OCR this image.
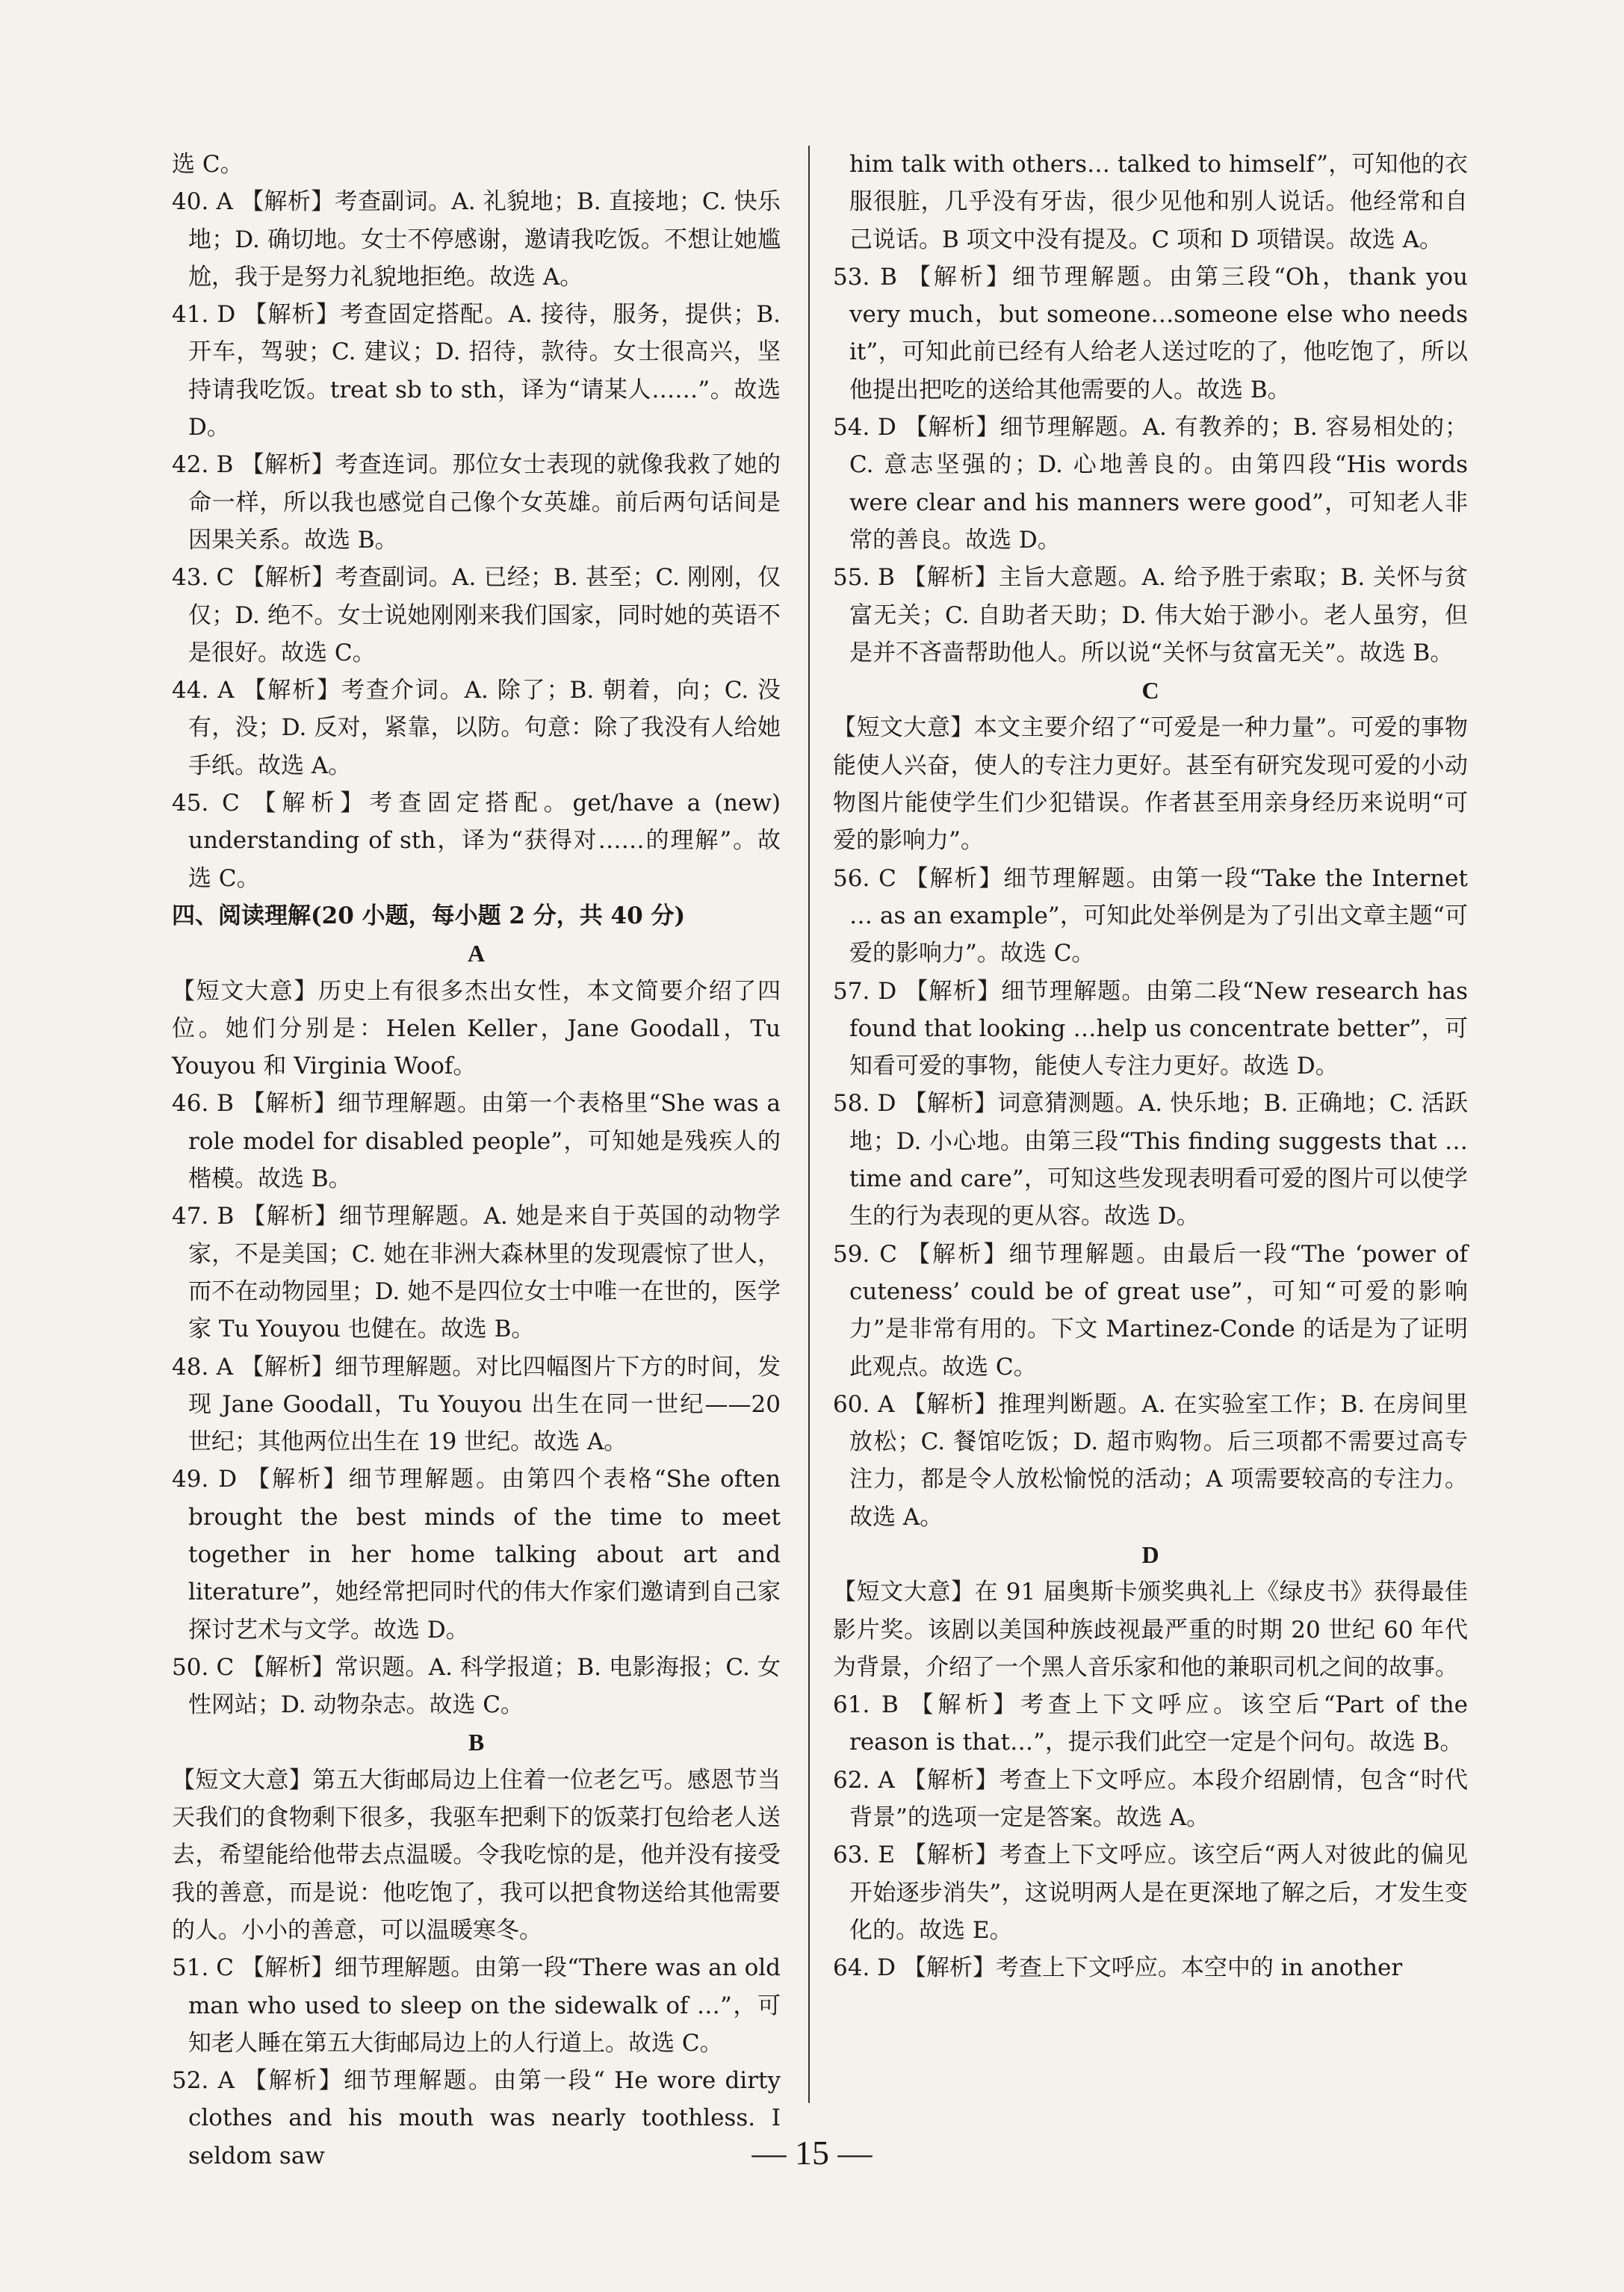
选 C。
40. A 【解析】考查副词。A. 礼貌地；B. 直接地；C. 快乐地；D. 确切地。女士不停感谢，邀请我吃饭。不想让她尴尬，我于是努力礼貌地拒绝。故选 A。
41. D 【解析】考查固定搭配。A. 接待，服务，提供；B. 开车，驾驶；C. 建议；D. 招待，款待。女士很高兴，坚持请我吃饭。treat sb to sth，译为“请某人……”。故选 D。
42. B 【解析】考查连词。那位女士表现的就像我救了她的命一样，所以我也感觉自己像个女英雄。前后两句话间是因果关系。故选 B。
43. C 【解析】考查副词。A. 已经；B. 甚至；C. 刚刚，仅仅；D. 绝不。女士说她刚刚来我们国家，同时她的英语不是很好。故选 C。
44. A 【解析】考查介词。A. 除了；B. 朝着，向；C. 没有，没；D. 反对，紧靠，以防。句意：除了我没有人给她手纸。故选 A。
45. C 【解析】考查固定搭配。get/have a (new) understanding of sth，译为“获得对……的理解”。故选 C。
四、阅读理解(20 小题，每小题 2 分，共 40 分)
A
【短文大意】历史上有很多杰出女性，本文简要介绍了四位。她们分别是：Helen Keller，Jane Goodall，Tu Youyou 和 Virginia Woof。
46. B 【解析】细节理解题。由第一个表格里“She was a role model for disabled people”，可知她是残疾人的楷模。故选 B。
47. B 【解析】细节理解题。A. 她是来自于英国的动物学家，不是美国；C. 她在非洲大森林里的发现震惊了世人，而不在动物园里；D. 她不是四位女士中唯一在世的，医学家 Tu Youyou 也健在。故选 B。
48. A 【解析】细节理解题。对比四幅图片下方的时间，发现 Jane Goodall，Tu Youyou 出生在同一世纪——20 世纪；其他两位出生在 19 世纪。故选 A。
49. D 【解析】细节理解题。由第四个表格“She often brought the best minds of the time to meet together in her home talking about art and literature”，她经常把同时代的伟大作家们邀请到自己家探讨艺术与文学。故选 D。
50. C 【解析】常识题。A. 科学报道；B. 电影海报；C. 女性网站；D. 动物杂志。故选 C。
B
【短文大意】第五大街邮局边上住着一位老乞丐。感恩节当天我们的食物剩下很多，我驱车把剩下的饭菜打包给老人送去，希望能给他带去点温暖。令我吃惊的是，他并没有接受我的善意，而是说：他吃饱了，我可以把食物送给其他需要的人。小小的善意，可以温暖寒冬。
51. C 【解析】细节理解题。由第一段“There was an old man who used to sleep on the sidewalk of …”，可知老人睡在第五大街邮局边上的人行道上。故选 C。
52. A 【解析】细节理解题。由第一段“ He wore dirty clothes and his mouth was nearly toothless. I seldom saw
him talk with others… talked to himself”，可知他的衣服很脏，几乎没有牙齿，很少见他和别人说话。他经常和自己说话。B 项文中没有提及。C 项和 D 项错误。故选 A。
53. B 【解析】细节理解题。由第三段“Oh，thank you very much，but someone…someone else who needs it”，可知此前已经有人给老人送过吃的了，他吃饱了，所以他提出把吃的送给其他需要的人。故选 B。
54. D 【解析】细节理解题。A. 有教养的；B. 容易相处的；C. 意志坚强的；D. 心地善良的。由第四段“His words were clear and his manners were good”，可知老人非常的善良。故选 D。
55. B 【解析】主旨大意题。A. 给予胜于索取；B. 关怀与贫富无关；C. 自助者天助；D. 伟大始于渺小。老人虽穷，但是并不吝啬帮助他人。所以说“关怀与贫富无关”。故选 B。
C
【短文大意】本文主要介绍了“可爱是一种力量”。可爱的事物能使人兴奋，使人的专注力更好。甚至有研究发现可爱的小动物图片能使学生们少犯错误。作者甚至用亲身经历来说明“可爱的影响力”。
56. C 【解析】细节理解题。由第一段“Take the Internet … as an example”，可知此处举例是为了引出文章主题“可爱的影响力”。故选 C。
57. D 【解析】细节理解题。由第二段“New research has found that looking …help us concentrate better”，可知看可爱的事物，能使人专注力更好。故选 D。
58. D 【解析】词意猜测题。A. 快乐地；B. 正确地；C. 活跃地；D. 小心地。由第三段“This finding suggests that …time and care”，可知这些发现表明看可爱的图片可以使学生的行为表现的更从容。故选 D。
59. C 【解析】细节理解题。由最后一段“The ‘power of cuteness’ could be of great use”，可知“可爱的影响力”是非常有用的。下文 Martinez-Conde 的话是为了证明此观点。故选 C。
60. A 【解析】推理判断题。A. 在实验室工作；B. 在房间里放松；C. 餐馆吃饭；D. 超市购物。后三项都不需要过高专注力，都是令人放松愉悦的活动；A 项需要较高的专注力。故选 A。
D
【短文大意】在 91 届奥斯卡颁奖典礼上《绿皮书》获得最佳影片奖。该剧以美国种族歧视最严重的时期 20 世纪 60 年代为背景，介绍了一个黑人音乐家和他的兼职司机之间的故事。
61. B 【解析】考查上下文呼应。该空后“Part of the reason is that…”，提示我们此空一定是个问句。故选 B。
62. A 【解析】考查上下文呼应。本段介绍剧情，包含“时代背景”的选项一定是答案。故选 A。
63. E 【解析】考查上下文呼应。该空后“两人对彼此的偏见开始逐步消失”，这说明两人是在更深地了解之后，才发生变化的。故选 E。
64. D 【解析】考查上下文呼应。本空中的 in another
— 15 —
